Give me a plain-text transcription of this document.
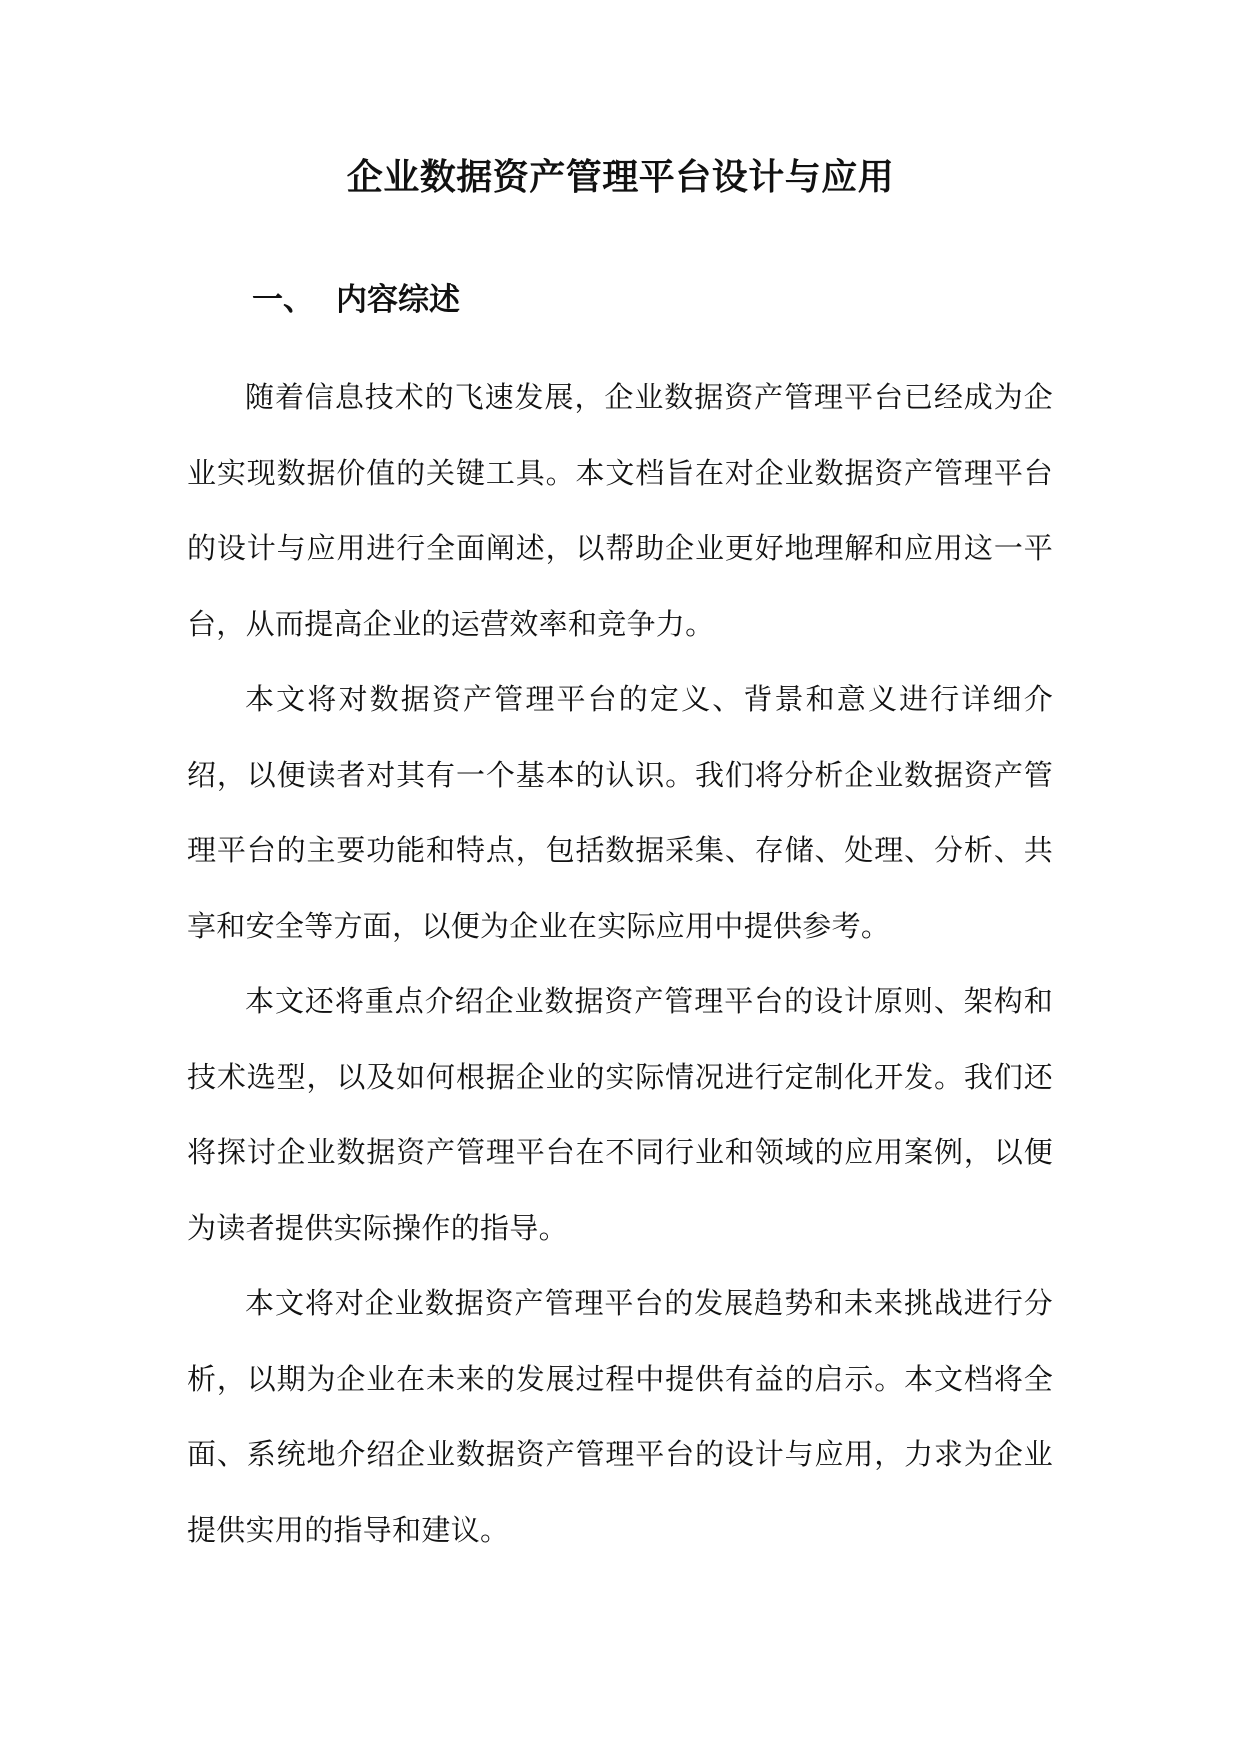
企业数据资产管理平台设计与应用
一、 内容综述

随着信息技术的飞速发展，企业数据资产管理平台已经成为企业实现数据价值的关键工具。本文档旨在对企业数据资产管理平台的设计与应用进行全面阐述，以帮助企业更好地理解和应用这一平台，从而提高企业的运营效率和竞争力。

本文将对数据资产管理平台的定义、背景和意义进行详细介绍，以便读者对其有一个基本的认识。我们将分析企业数据资产管理平台的主要功能和特点，包括数据采集、存储、处理、分析、共享和安全等方面，以便为企业在实际应用中提供参考。

本文还将重点介绍企业数据资产管理平台的设计原则、架构和技术选型，以及如何根据企业的实际情况进行定制化开发。我们还将探讨企业数据资产管理平台在不同行业和领域的应用案例，以便为读者提供实际操作的指导。

本文将对企业数据资产管理平台的发展趋势和未来挑战进行分析，以期为企业在未来的发展过程中提供有益的启示。本文档将全面、系统地介绍企业数据资产管理平台的设计与应用，力求为企业提供实用的指导和建议。
